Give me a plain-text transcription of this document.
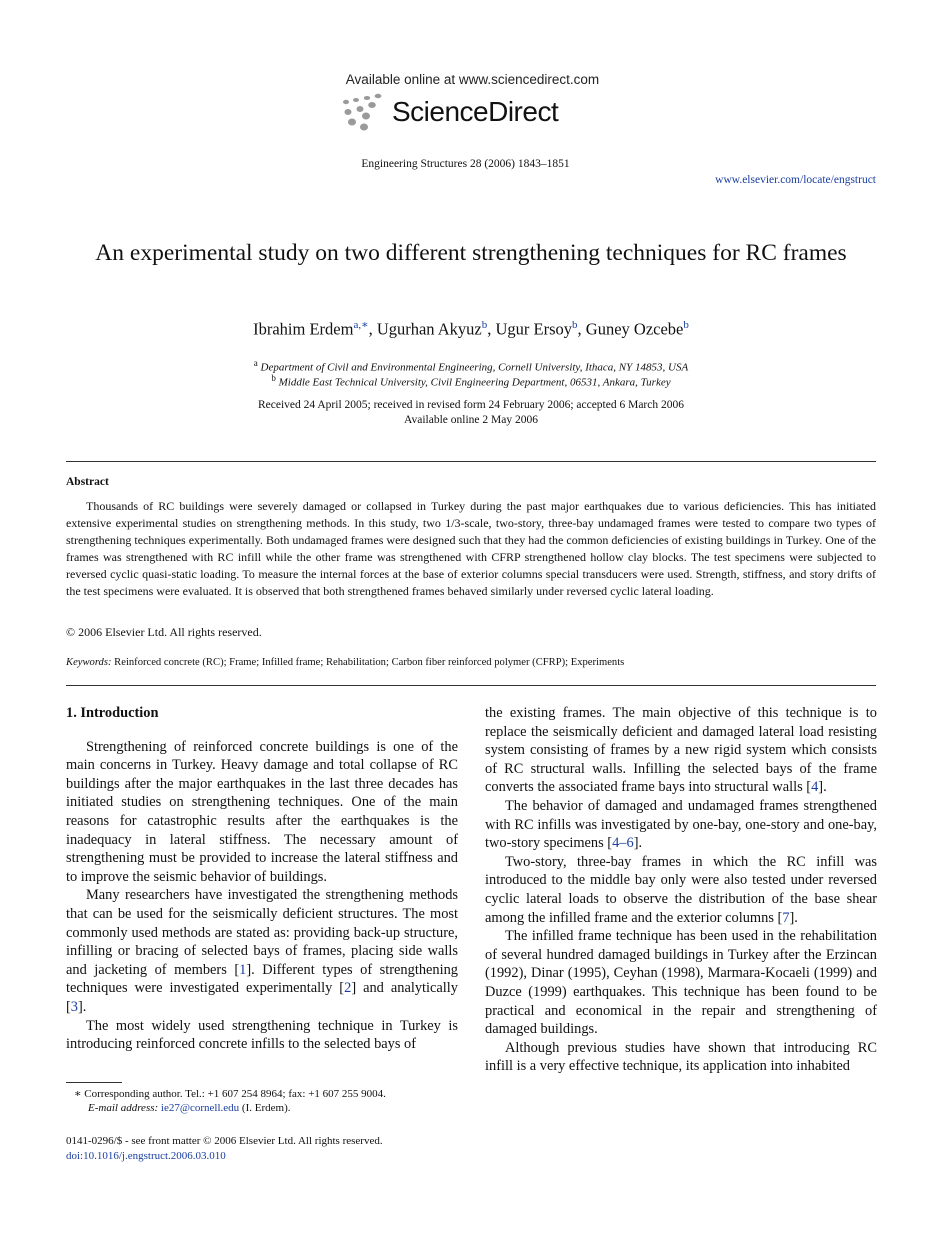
Available online at www.sciencedirect.com
ScienceDirect
Engineering Structures 28 (2006) 1843–1851
www.elsevier.com/locate/engstruct
An experimental study on two different strengthening techniques for RC frames
Ibrahim Erdem$^{a,∗}$, Ugurhan Akyuz$^b$, Ugur Ersoy$^b$, Guney Ozcebe$^b$
$^a$ Department of Civil and Environmental Engineering, Cornell University, Ithaca, NY 14853, USA
$^b$ Middle East Technical University, Civil Engineering Department, 06531, Ankara, Turkey
Received 24 April 2005; received in revised form 24 February 2006; accepted 6 March 2006
Available online 2 May 2006
Abstract
Thousands of RC buildings were severely damaged or collapsed in Turkey during the past major earthquakes due to various deficiencies. This has initiated extensive experimental studies on strengthening methods. In this study, two 1/3-scale, two-story, three-bay undamaged frames were tested to compare two types of strengthening techniques experimentally. Both undamaged frames were designed such that they had the common deficiencies of existing buildings in Turkey. One of the frames was strengthened with RC infill while the other frame was strengthened with CFRP strengthened hollow clay blocks. The test specimens were subjected to reversed cyclic quasi-static loading. To measure the internal forces at the base of exterior columns special transducers were used. Strength, stiffness, and story drifts of the test specimens were evaluated. It is observed that both strengthened frames behaved similarly under reversed cyclic lateral loading.
© 2006 Elsevier Ltd. All rights reserved.
Keywords: Reinforced concrete (RC); Frame; Infilled frame; Rehabilitation; Carbon fiber reinforced polymer (CFRP); Experiments

1. Introduction

Strengthening of reinforced concrete buildings is one of the main concerns in Turkey. Heavy damage and total collapse of RC buildings after the major earthquakes in the last three decades has initiated studies on strengthening techniques. One of the main reasons for catastrophic results after the earthquakes is the inadequacy in lateral stiffness. The necessary amount of strengthening must be provided to increase the lateral stiffness and to improve the seismic behavior of buildings.

Many researchers have investigated the strengthening methods that can be used for the seismically deficient structures. The most commonly used methods are stated as: providing back-up structure, infilling or bracing of selected bays of frames, placing side walls and jacketing of members [1]. Different types of strengthening techniques were investigated experimentally [2] and analytically [3].

The most widely used strengthening technique in Turkey is introducing reinforced concrete infills to the selected bays of

the existing frames. The main objective of this technique is to replace the seismically deficient and damaged lateral load resisting system consisting of frames by a new rigid system which consists of RC structural walls. Infilling the selected bays of the frame converts the associated frame bays into structural walls [4].

The behavior of damaged and undamaged frames strengthened with RC infills was investigated by one-bay, one-story and one-bay, two-story specimens [4–6].

Two-story, three-bay frames in which the RC infill was introduced to the middle bay only were also tested under reversed cyclic lateral loads to observe the distribution of the base shear among the infilled frame and the exterior columns [7].

The infilled frame technique has been used in the rehabilitation of several hundred damaged buildings in Turkey after the Erzincan (1992), Dinar (1995), Ceyhan (1998), Marmara-Kocaeli (1999) and Duzce (1999) earthquakes. This technique has been found to be practical and economical in the repair and strengthening of damaged buildings.

Although previous studies have shown that introducing RC infill is a very effective technique, its application into inhabited

∗ Corresponding author. Tel.: +1 607 254 8964; fax: +1 607 255 9004.
E-mail address: ie27@cornell.edu (I. Erdem).
0141-0296/$ - see front matter © 2006 Elsevier Ltd. All rights reserved.
doi:10.1016/j.engstruct.2006.03.010
